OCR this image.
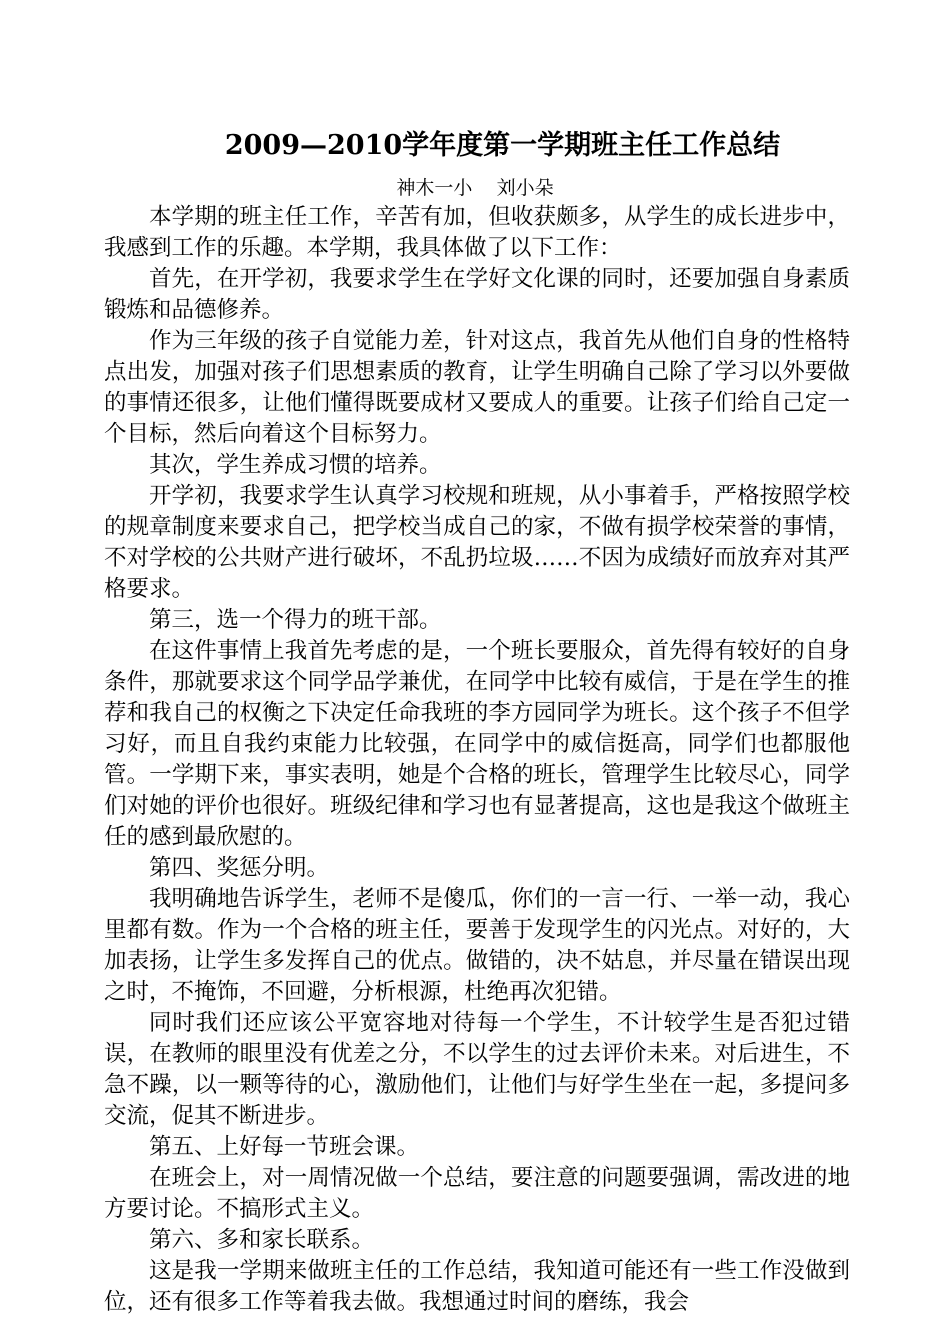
2009—2010学年度第一学期班主任工作总结
神木一小    刘小朵

本学期的班主任工作，辛苦有加，但收获颇多，从学生的成长进步中，我感到工作的乐趣。本学期，我具体做了以下工作：

首先，在开学初，我要求学生在学好文化课的同时，还要加强自身素质锻炼和品德修养。

作为三年级的孩子自觉能力差，针对这点，我首先从他们自身的性格特点出发，加强对孩子们思想素质的教育，让学生明确自己除了学习以外要做的事情还很多，让他们懂得既要成材又要成人的重要。让孩子们给自己定一个目标，然后向着这个目标努力。

其次，学生养成习惯的培养。

开学初，我要求学生认真学习校规和班规，从小事着手，严格按照学校的规章制度来要求自己，把学校当成自己的家，不做有损学校荣誉的事情，不对学校的公共财产进行破坏，不乱扔垃圾……不因为成绩好而放弃对其严格要求。

第三，选一个得力的班干部。

在这件事情上我首先考虑的是，一个班长要服众，首先得有较好的自身条件，那就要求这个同学品学兼优，在同学中比较有威信，于是在学生的推荐和我自己的权衡之下决定任命我班的李方园同学为班长。这个孩子不但学习好，而且自我约束能力比较强，在同学中的威信挺高，同学们也都服他管。一学期下来，事实表明，她是个合格的班长，管理学生比较尽心，同学们对她的评价也很好。班级纪律和学习也有显著提高，这也是我这个做班主任的感到最欣慰的。

第四、奖惩分明。

我明确地告诉学生，老师不是傻瓜，你们的一言一行、一举一动，我心里都有数。作为一个合格的班主任，要善于发现学生的闪光点。对好的，大加表扬，让学生多发挥自己的优点。做错的，决不姑息，并尽量在错误出现之时，不掩饰，不回避，分析根源，杜绝再次犯错。

同时我们还应该公平宽容地对待每一个学生，不计较学生是否犯过错误，在教师的眼里没有优差之分，不以学生的过去评价未来。对后进生，不急不躁，以一颗等待的心，激励他们，让他们与好学生坐在一起，多提问多交流，促其不断进步。

第五、上好每一节班会课。

在班会上，对一周情况做一个总结，要注意的问题要强调，需改进的地方要讨论。不搞形式主义。

第六、多和家长联系。

这是我一学期来做班主任的工作总结，我知道可能还有一些工作没做到位，还有很多工作等着我去做。我想通过时间的磨练，我会
